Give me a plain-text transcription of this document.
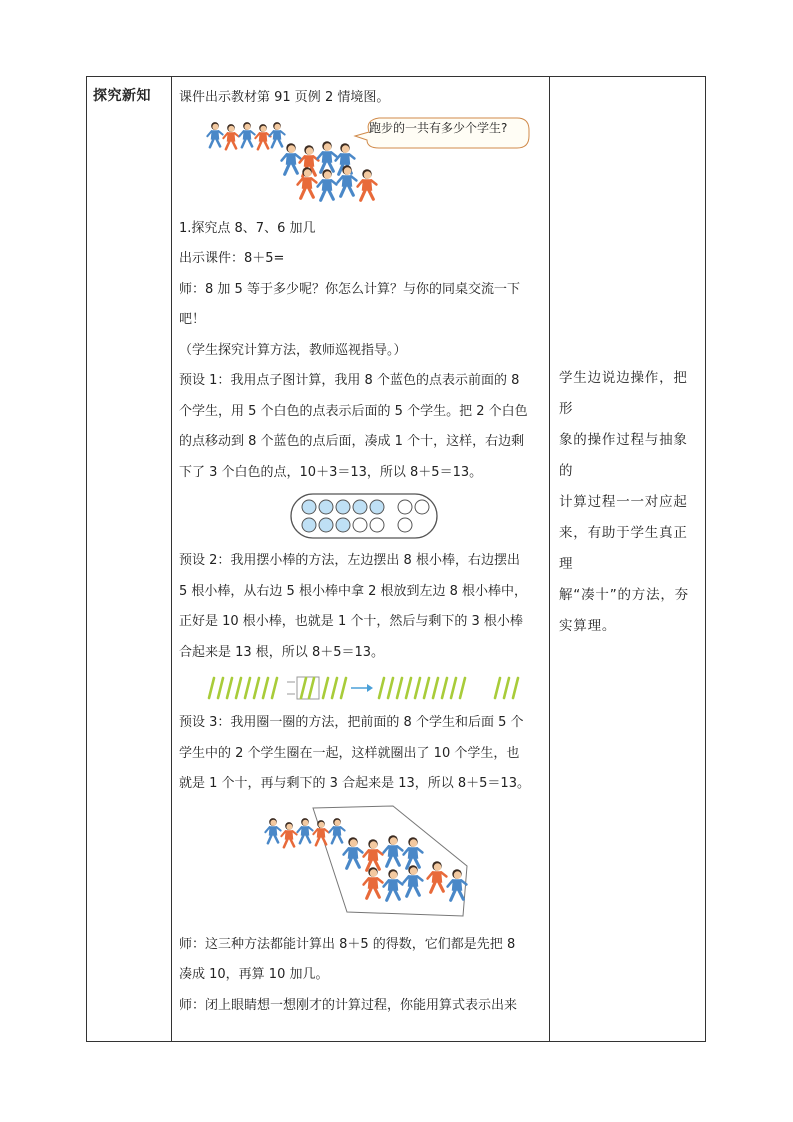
探究新知 课件出示教材第 91 页例 2 情境图。

跑步的一共有多少个学生?

1.探究点 8、7、6 加几

出示课件：8＋5=

师：8 加 5 等于多少呢？你怎么计算？与你的同桌交流一下

吧！

（学生探究计算方法，教师巡视指导。）

预设 1：我用点子图计算，我用 8 个蓝色的点表示前面的 8

个学生，用 5 个白色的点表示后面的 5 个学生。把 2 个白色

的点移动到 8 个蓝色的点后面，凑成 1 个十，这样，右边剩

下了 3 个白色的点，10＋3＝13，所以 8＋5＝13。

预设 2：我用摆小棒的方法，左边摆出 8 根小棒，右边摆出

5 根小棒，从右边 5 根小棒中拿 2 根放到左边 8 根小棒中，

正好是 10 根小棒，也就是 1 个十，然后与剩下的 3 根小棒

合起来是 13 根，所以 8＋5＝13。

预设 3：我用圈一圈的方法，把前面的 8 个学生和后面 5 个

学生中的 2 个学生圈在一起，这样就圈出了 10 个学生，也

就是 1 个十，再与剩下的 3 合起来是 13，所以 8＋5＝13。

师：这三种方法都能计算出 8＋5 的得数，它们都是先把 8

凑成 10，再算 10 加几。

师：闭上眼睛想一想刚才的计算过程，你能用算式表示出来

学生边说边操作，把形

象的操作过程与抽象的

计算过程一一对应起

来，有助于学生真正理

解“凑十”的方法，夯

实算理。
